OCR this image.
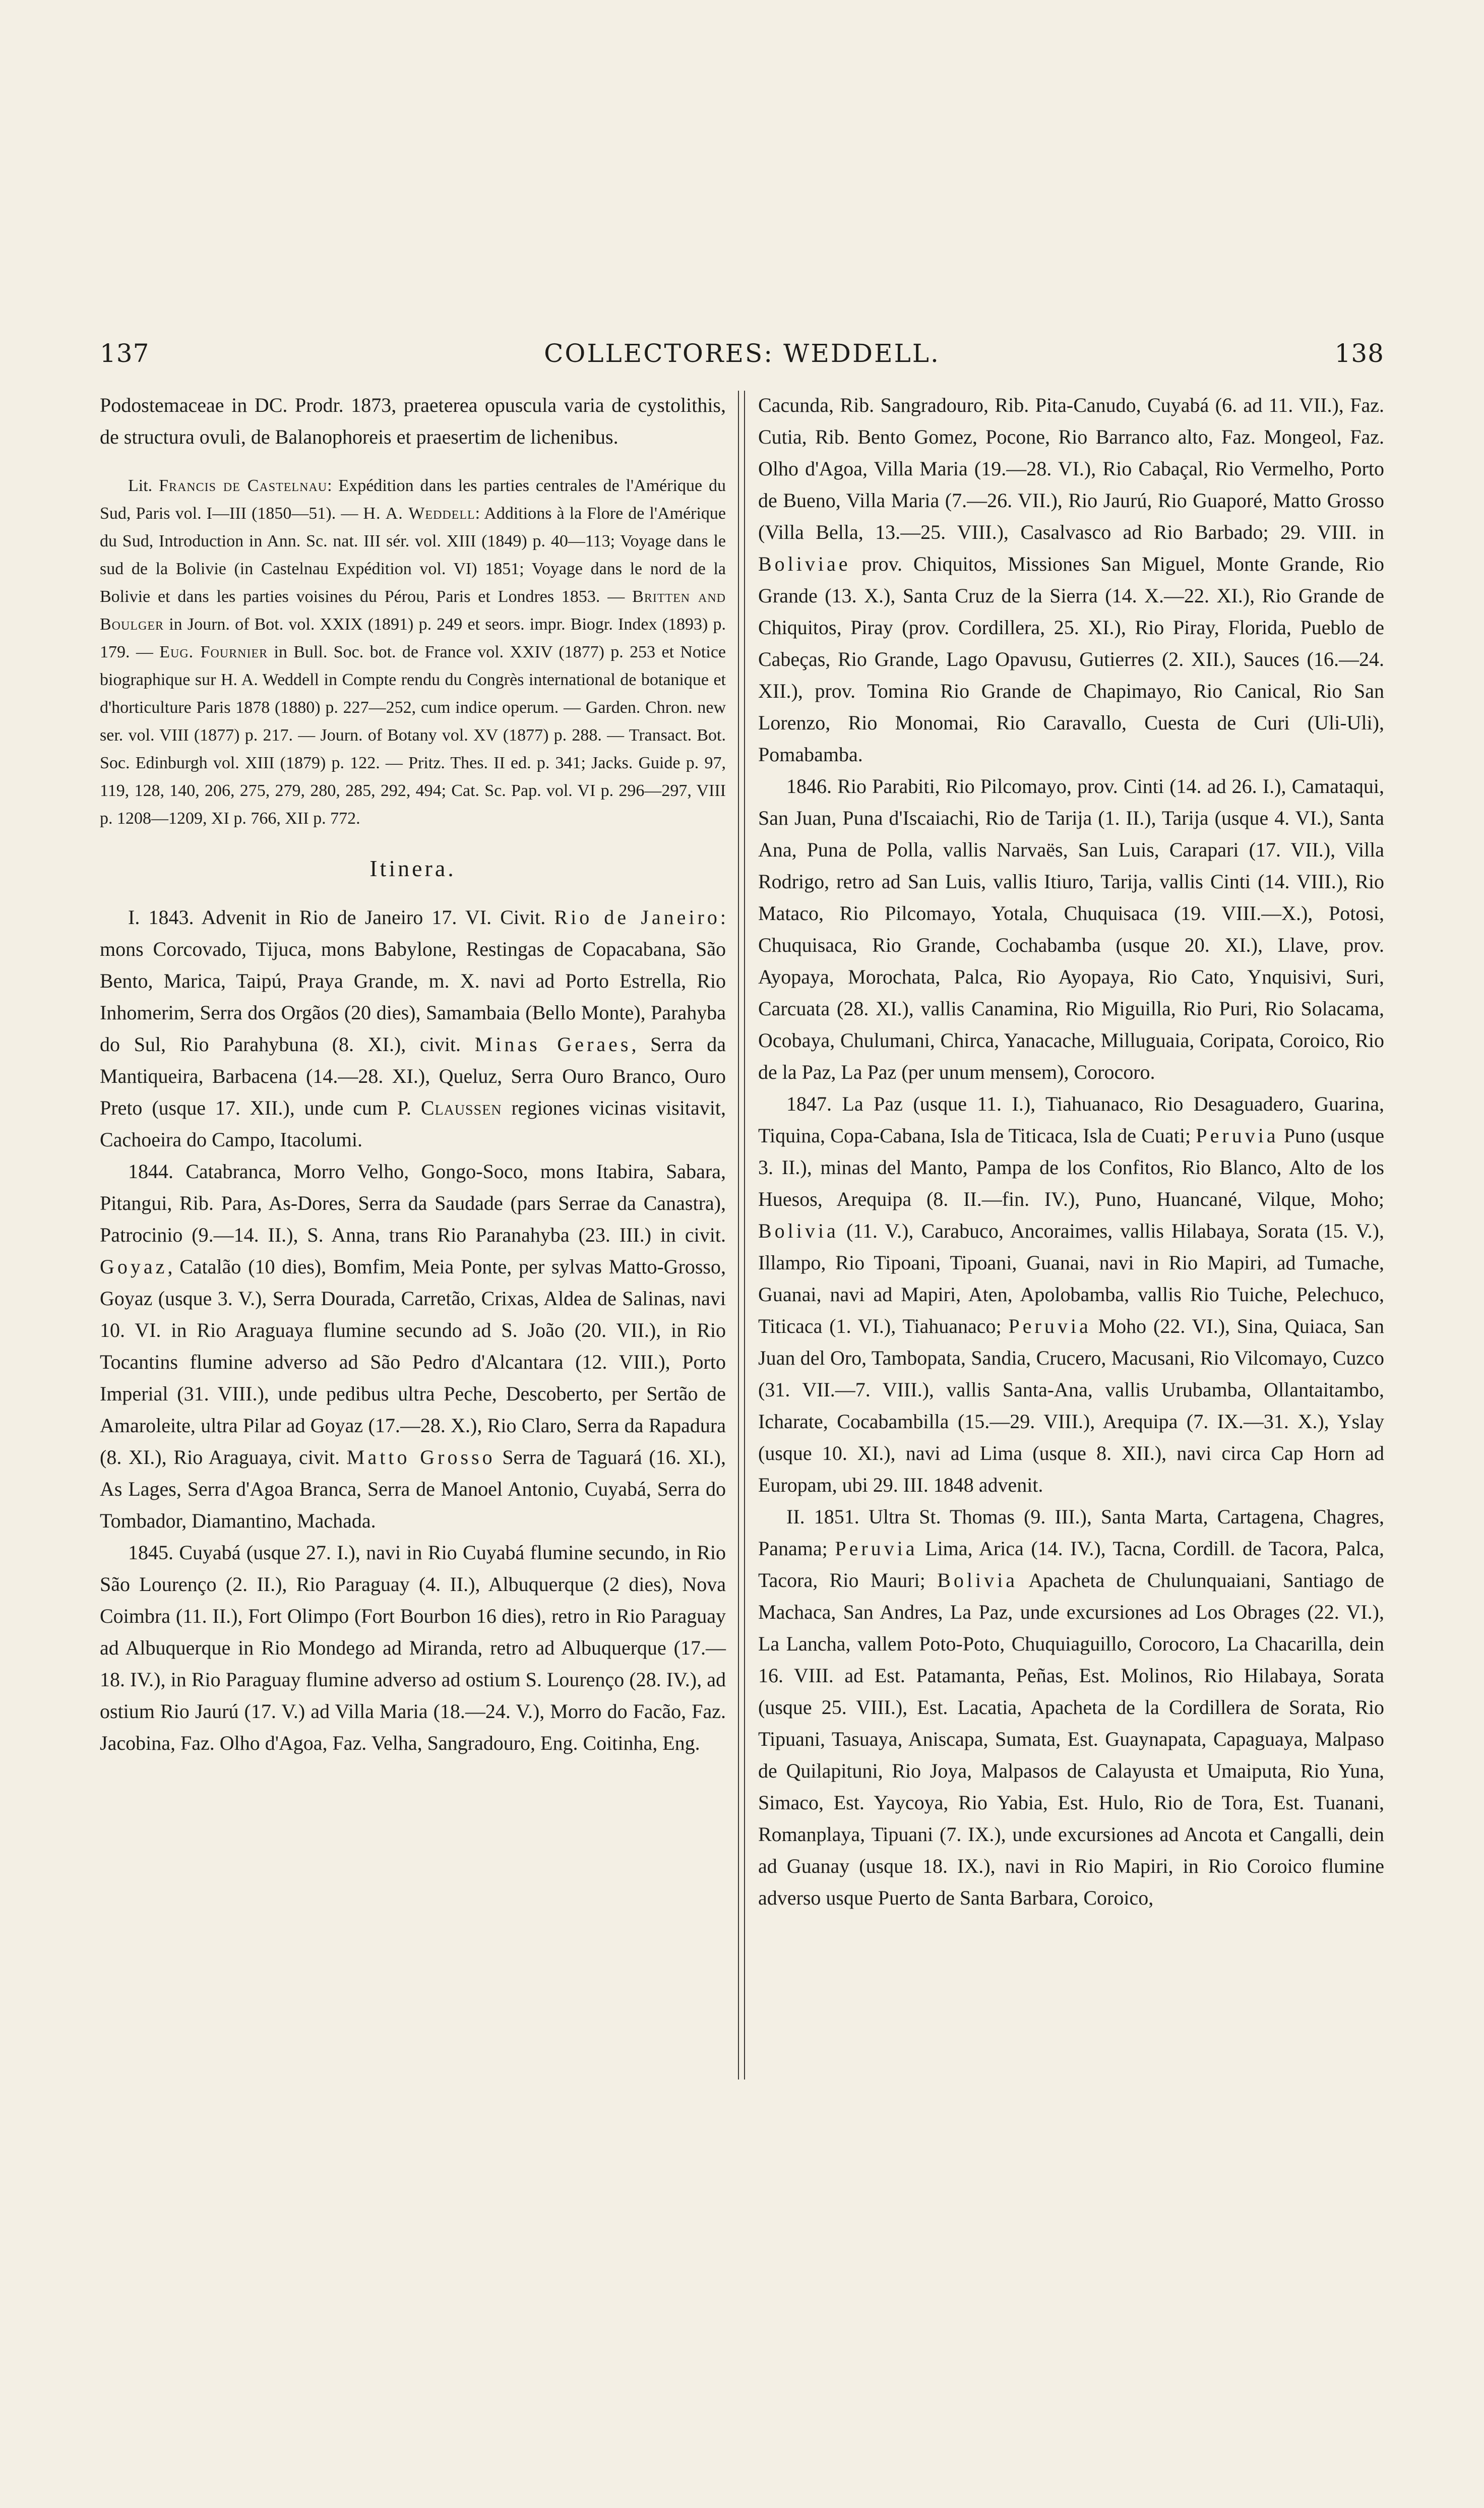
137	COLLECTORES: WEDDELL.	138

Podostemaceae in DC. Prodr. 1873, praeterea opuscula varia de cystolithis, de structura ovuli, de Balanophoreis et praesertim de lichenibus.

Lit. Francis de Castelnau: Expédition dans les parties centrales de l'Amérique du Sud, Paris vol. I—III (1850—51). — H. A. Weddell: Additions à la Flore de l'Amérique du Sud, Introduction in Ann. Sc. nat. III sér. vol. XIII (1849) p. 40—113; Voyage dans le sud de la Bolivie (in Castelnau Expédition vol. VI) 1851; Voyage dans le nord de la Bolivie et dans les parties voisines du Pérou, Paris et Londres 1853. — Britten and Boulger in Journ. of Bot. vol. XXIX (1891) p. 249 et seors. impr. Biogr. Index (1893) p. 179. — Eug. Fournier in Bull. Soc. bot. de France vol. XXIV (1877) p. 253 et Notice biographique sur H. A. Weddell in Compte rendu du Congrès international de botanique et d'horticulture Paris 1878 (1880) p. 227—252, cum indice operum. — Garden. Chron. new ser. vol. VIII (1877) p. 217. — Journ. of Botany vol. XV (1877) p. 288. — Transact. Bot. Soc. Edinburgh vol. XIII (1879) p. 122. — Pritz. Thes. II ed. p. 341; Jacks. Guide p. 97, 119, 128, 140, 206, 275, 279, 280, 285, 292, 494; Cat. Sc. Pap. vol. VI p. 296—297, VIII p. 1208—1209, XI p. 766, XII p. 772.

Itinera.

I. 1843. Advenit in Rio de Janeiro 17. VI. Civit. Rio de Janeiro: mons Corcovado, Tijuca, mons Babylone, Restingas de Copacabana, São Bento, Marica, Taipú, Praya Grande, m. X. navi ad Porto Estrella, Rio Inhomerim, Serra dos Orgãos (20 dies), Samambaia (Bello Monte), Parahyba do Sul, Rio Parahybuna (8. XI.), civit. Minas Geraes, Serra da Mantiqueira, Barbacena (14.—28. XI.), Queluz, Serra Ouro Branco, Ouro Preto (usque 17. XII.), unde cum P. Claussen regiones vicinas visitavit, Cachoeira do Campo, Itacolumi.

1844. Catabranca, Morro Velho, Gongo-Soco, mons Itabira, Sabara, Pitangui, Rib. Para, As-Dores, Serra da Saudade (pars Serrae da Canastra), Patrocinio (9.—14. II.), S. Anna, trans Rio Paranahyba (23. III.) in civit. Goyaz, Catalão (10 dies), Bomfim, Meia Ponte, per sylvas Matto-Grosso, Goyaz (usque 3. V.), Serra Dourada, Carretão, Crixas, Aldea de Salinas, navi 10. VI. in Rio Araguaya flumine secundo ad S. João (20. VII.), in Rio Tocantins flumine adverso ad São Pedro d'Alcantara (12. VIII.), Porto Imperial (31. VIII.), unde pedibus ultra Peche, Descoberto, per Sertão de Amaroleite, ultra Pilar ad Goyaz (17.—28. X.), Rio Claro, Serra da Rapadura (8. XI.), Rio Araguaya, civit. Matto Grosso Serra de Taguará (16. XI.), As Lages, Serra d'Agoa Branca, Serra de Manoel Antonio, Cuyabá, Serra do Tombador, Diamantino, Machada.

1845. Cuyabá (usque 27. I.), navi in Rio Cuyabá flumine secundo, in Rio São Lourenço (2. II.), Rio Paraguay (4. II.), Albuquerque (2 dies), Nova Coimbra (11. II.), Fort Olimpo (Fort Bourbon 16 dies), retro in Rio Paraguay ad Albuquerque in Rio Mondego ad Miranda, retro ad Albuquerque (17.—18. IV.), in Rio Paraguay flumine adverso ad ostium S. Lourenço (28. IV.), ad ostium Rio Jaurú (17. V.) ad Villa Maria (18.—24. V.), Morro do Facão, Faz. Jacobina, Faz. Olho d'Agoa, Faz. Velha, Sangradouro, Eng. Coitinha, Eng.

Cacunda, Rib. Sangradouro, Rib. Pita-Canudo, Cuyabá (6. ad 11. VII.), Faz. Cutia, Rib. Bento Gomez, Pocone, Rio Barranco alto, Faz. Mongeol, Faz. Olho d'Agoa, Villa Maria (19.—28. VI.), Rio Cabaçal, Rio Vermelho, Porto de Bueno, Villa Maria (7.—26. VII.), Rio Jaurú, Rio Guaporé, Matto Grosso (Villa Bella, 13.—25. VIII.), Casalvasco ad Rio Barbado; 29. VIII. in Boliviae prov. Chiquitos, Missiones San Miguel, Monte Grande, Rio Grande (13. X.), Santa Cruz de la Sierra (14. X.—22. XI.), Rio Grande de Chiquitos, Piray (prov. Cordillera, 25. XI.), Rio Piray, Florida, Pueblo de Cabeças, Rio Grande, Lago Opavusu, Gutierres (2. XII.), Sauces (16.—24. XII.), prov. Tomina Rio Grande de Chapimayo, Rio Canical, Rio San Lorenzo, Rio Monomai, Rio Caravallo, Cuesta de Curi (Uli-Uli), Pomabamba.

1846. Rio Parabiti, Rio Pilcomayo, prov. Cinti (14. ad 26. I.), Camataqui, San Juan, Puna d'Iscaiachi, Rio de Tarija (1. II.), Tarija (usque 4. VI.), Santa Ana, Puna de Polla, vallis Narvaës, San Luis, Carapari (17. VII.), Villa Rodrigo, retro ad San Luis, vallis Itiuro, Tarija, vallis Cinti (14. VIII.), Rio Mataco, Rio Pilcomayo, Yotala, Chuquisaca (19. VIII.—X.), Potosi, Chuquisaca, Rio Grande, Cochabamba (usque 20. XI.), Llave, prov. Ayopaya, Morochata, Palca, Rio Ayopaya, Rio Cato, Ynquisivi, Suri, Carcuata (28. XI.), vallis Canamina, Rio Miguilla, Rio Puri, Rio Solacama, Ocobaya, Chulumani, Chirca, Yanacache, Milluguaia, Coripata, Coroico, Rio de la Paz, La Paz (per unum mensem), Corocoro.

1847. La Paz (usque 11. I.), Tiahuanaco, Rio Desaguadero, Guarina, Tiquina, Copa-Cabana, Isla de Titicaca, Isla de Cuati; Peruvia Puno (usque 3. II.), minas del Manto, Pampa de los Confitos, Rio Blanco, Alto de los Huesos, Arequipa (8. II.—fin. IV.), Puno, Huancané, Vilque, Moho; Bolivia (11. V.), Carabuco, Ancoraimes, vallis Hilabaya, Sorata (15. V.), Illampo, Rio Tipoani, Tipoani, Guanai, navi in Rio Mapiri, ad Tumache, Guanai, navi ad Mapiri, Aten, Apolobamba, vallis Rio Tuiche, Pelechuco, Titicaca (1. VI.), Tiahuanaco; Peruvia Moho (22. VI.), Sina, Quiaca, San Juan del Oro, Tambopata, Sandia, Crucero, Macusani, Rio Vilcomayo, Cuzco (31. VII.—7. VIII.), vallis Santa-Ana, vallis Urubamba, Ollantaitambo, Icharate, Cocabambilla (15.—29. VIII.), Arequipa (7. IX.—31. X.), Yslay (usque 10. XI.), navi ad Lima (usque 8. XII.), navi circa Cap Horn ad Europam, ubi 29. III. 1848 advenit.

II. 1851. Ultra St. Thomas (9. III.), Santa Marta, Cartagena, Chagres, Panama; Peruvia Lima, Arica (14. IV.), Tacna, Cordill. de Tacora, Palca, Tacora, Rio Mauri; Bolivia Apacheta de Chulunquaiani, Santiago de Machaca, San Andres, La Paz, unde excursiones ad Los Obrages (22. VI.), La Lancha, vallem Poto-Poto, Chuquiaguillo, Corocoro, La Chacarilla, dein 16. VIII. ad Est. Patamanta, Peñas, Est. Molinos, Rio Hilabaya, Sorata (usque 25. VIII.), Est. Lacatia, Apacheta de la Cordillera de Sorata, Rio Tipuani, Tasuaya, Aniscapa, Sumata, Est. Guaynapata, Capaguaya, Malpaso de Quilapituni, Rio Joya, Malpasos de Calayusta et Umaiputa, Rio Yuna, Simaco, Est. Yaycoya, Rio Yabia, Est. Hulo, Rio de Tora, Est. Tuanani, Romanplaya, Tipuani (7. IX.), unde excursiones ad Ancota et Cangalli, dein ad Guanay (usque 18. IX.), navi in Rio Mapiri, in Rio Coroico flumine adverso usque Puerto de Santa Barbara, Coroico,
